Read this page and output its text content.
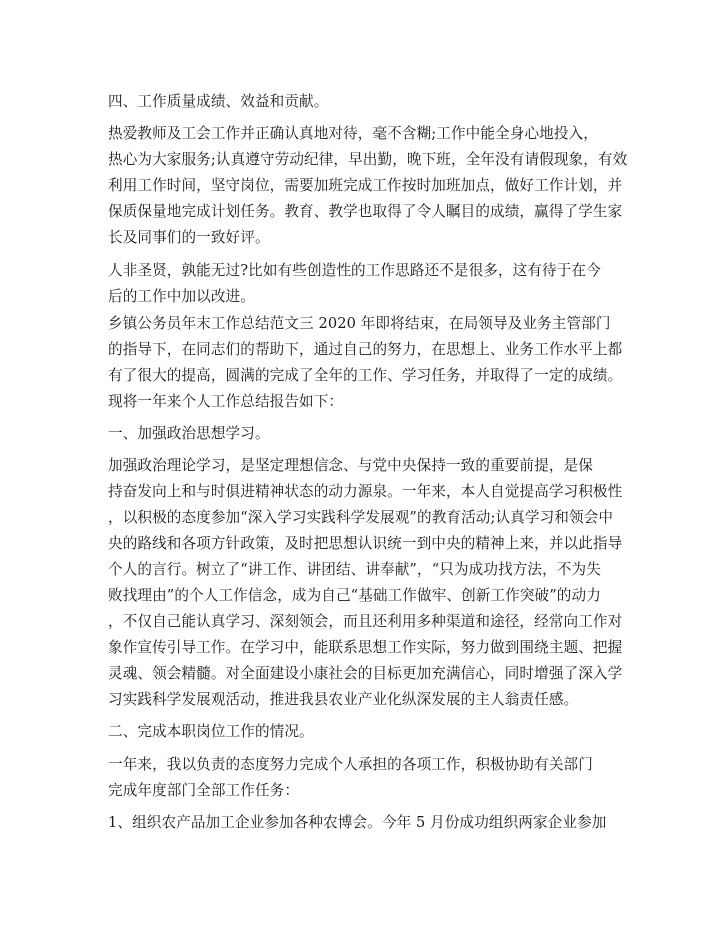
四、工作质量成绩、效益和贡献。
热爱教师及工会工作并正确认真地对待，毫不含糊;工作中能全身心地投入，
热心为大家服务;认真遵守劳动纪律，早出勤，晚下班，全年没有请假现象，有效
利用工作时间，坚守岗位，需要加班完成工作按时加班加点，做好工作计划，并
保质保量地完成计划任务。教育、教学也取得了令人瞩目的成绩，赢得了学生家
长及同事们的一致好评。
人非圣贤，孰能无过?比如有些创造性的工作思路还不是很多，这有待于在今
后的工作中加以改进。
乡镇公务员年末工作总结范文三 2020 年即将结束，在局领导及业务主管部门
的指导下，在同志们的帮助下，通过自己的努力，在思想上、业务工作水平上都
有了很大的提高，圆满的完成了全年的工作、学习任务，并取得了一定的成绩。
现将一年来个人工作总结报告如下：
一、加强政治思想学习。
加强政治理论学习，是坚定理想信念、与党中央保持一致的重要前提，是保
持奋发向上和与时俱进精神状态的动力源泉。一年来，本人自觉提高学习积极性
，以积极的态度参加“深入学习实践科学发展观”的教育活动;认真学习和领会中
央的路线和各项方针政策，及时把思想认识统一到中央的精神上来，并以此指导
个人的言行。树立了“讲工作、讲团结、讲奉献”，“只为成功找方法，不为失
败找理由”的个人工作信念，成为自己“基础工作做牢、创新工作突破”的动力
，不仅自己能认真学习、深刻领会，而且还利用多种渠道和途径，经常向工作对
象作宣传引导工作。在学习中，能联系思想工作实际，努力做到围绕主题、把握
灵魂、领会精髓。对全面建设小康社会的目标更加充满信心，同时增强了深入学
习实践科学发展观活动，推进我县农业产业化纵深发展的主人翁责任感。
二、完成本职岗位工作的情况。
一年来，我以负责的态度努力完成个人承担的各项工作，积极协助有关部门
完成年度部门全部工作任务：
1、组织农产品加工企业参加各种农博会。今年 5 月份成功组织两家企业参加
